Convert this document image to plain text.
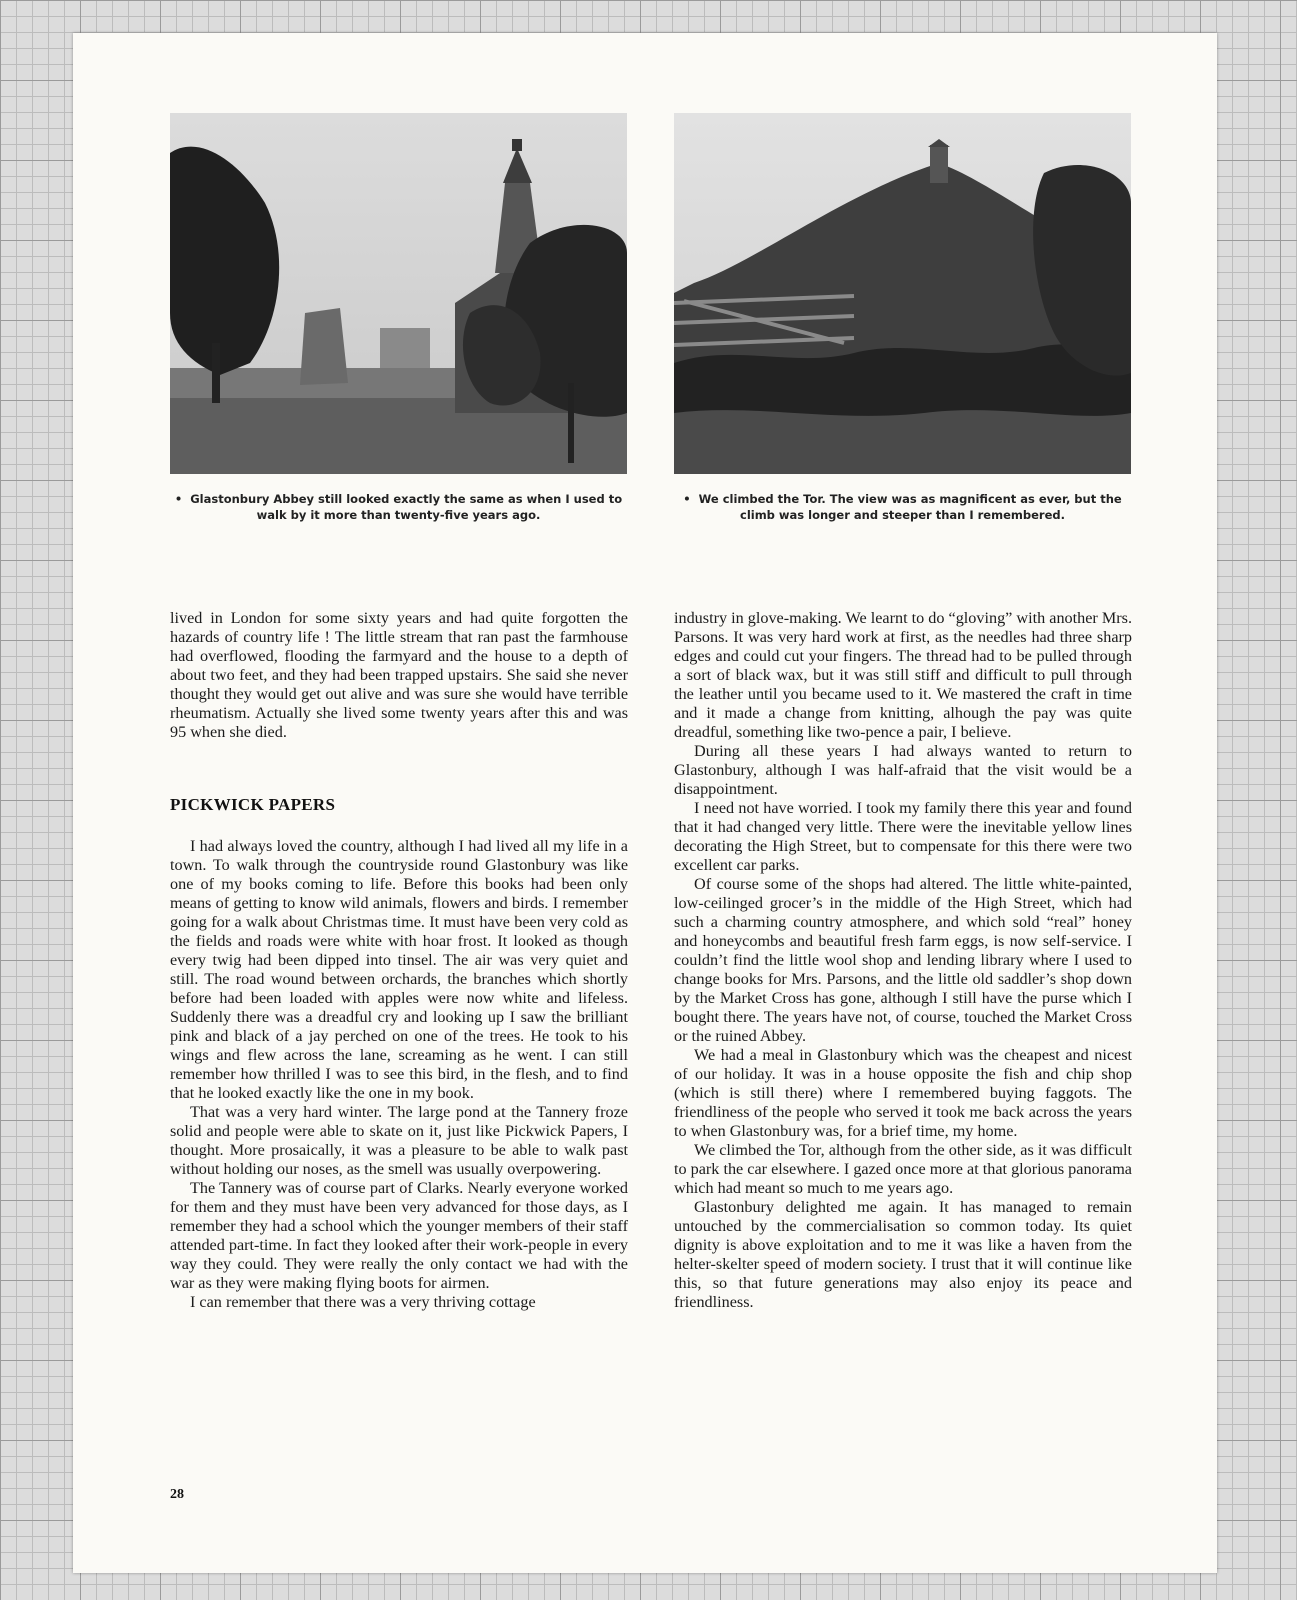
• Glastonbury Abbey still looked exactly the same as when I used to walk by it more than twenty-five years ago.
• We climbed the Tor. The view was as magnificent as ever, but the climb was longer and steeper than I remembered.

lived in London for some sixty years and had quite forgotten the hazards of country life ! The little stream that ran past the farmhouse had overflowed, flooding the farmyard and the house to a depth of about two feet, and they had been trapped upstairs. She said she never thought they would get out alive and was sure she would have terrible rheumatism. Actually she lived some twenty years after this and was 95 when she died.

PICKWICK PAPERS

I had always loved the country, although I had lived all my life in a town. To walk through the countryside round Glastonbury was like one of my books coming to life. Before this books had been only means of getting to know wild animals, flowers and birds. I remember going for a walk about Christmas time. It must have been very cold as the fields and roads were white with hoar frost. It looked as though every twig had been dipped into tinsel. The air was very quiet and still. The road wound between orchards, the branches which shortly before had been loaded with apples were now white and lifeless. Suddenly there was a dreadful cry and looking up I saw the brilliant pink and black of a jay perched on one of the trees. He took to his wings and flew across the lane, screaming as he went. I can still remember how thrilled I was to see this bird, in the flesh, and to find that he looked exactly like the one in my book.

That was a very hard winter. The large pond at the Tannery froze solid and people were able to skate on it, just like Pickwick Papers, I thought. More prosaically, it was a pleasure to be able to walk past without holding our noses, as the smell was usually overpowering.

The Tannery was of course part of Clarks. Nearly everyone worked for them and they must have been very advanced for those days, as I remember they had a school which the younger members of their staff attended part-time. In fact they looked after their work-people in every way they could. They were really the only contact we had with the war as they were making flying boots for airmen.

I can remember that there was a very thriving cottage

industry in glove-making. We learnt to do “gloving” with another Mrs. Parsons. It was very hard work at first, as the needles had three sharp edges and could cut your fingers. The thread had to be pulled through a sort of black wax, but it was still stiff and difficult to pull through the leather until you became used to it. We mastered the craft in time and it made a change from knitting, alhough the pay was quite dreadful, something like two-pence a pair, I believe.

During all these years I had always wanted to return to Glastonbury, although I was half-afraid that the visit would be a disappointment.

I need not have worried. I took my family there this year and found that it had changed very little. There were the inevitable yellow lines decorating the High Street, but to compensate for this there were two excellent car parks.

Of course some of the shops had altered. The little white-painted, low-ceilinged grocer’s in the middle of the High Street, which had such a charming country atmosphere, and which sold “real” honey and honeycombs and beautiful fresh farm eggs, is now self-service. I couldn’t find the little wool shop and lending library where I used to change books for Mrs. Parsons, and the little old saddler’s shop down by the Market Cross has gone, although I still have the purse which I bought there. The years have not, of course, touched the Market Cross or the ruined Abbey.

We had a meal in Glastonbury which was the cheapest and nicest of our holiday. It was in a house opposite the fish and chip shop (which is still there) where I remembered buying faggots. The friendliness of the people who served it took me back across the years to when Glastonbury was, for a brief time, my home.

We climbed the Tor, although from the other side, as it was difficult to park the car elsewhere. I gazed once more at that glorious panorama which had meant so much to me years ago.

Glastonbury delighted me again. It has managed to remain untouched by the commercialisation so common today. Its quiet dignity is above exploitation and to me it was like a haven from the helter-skelter speed of modern society. I trust that it will continue like this, so that future generations may also enjoy its peace and friendliness.

28
